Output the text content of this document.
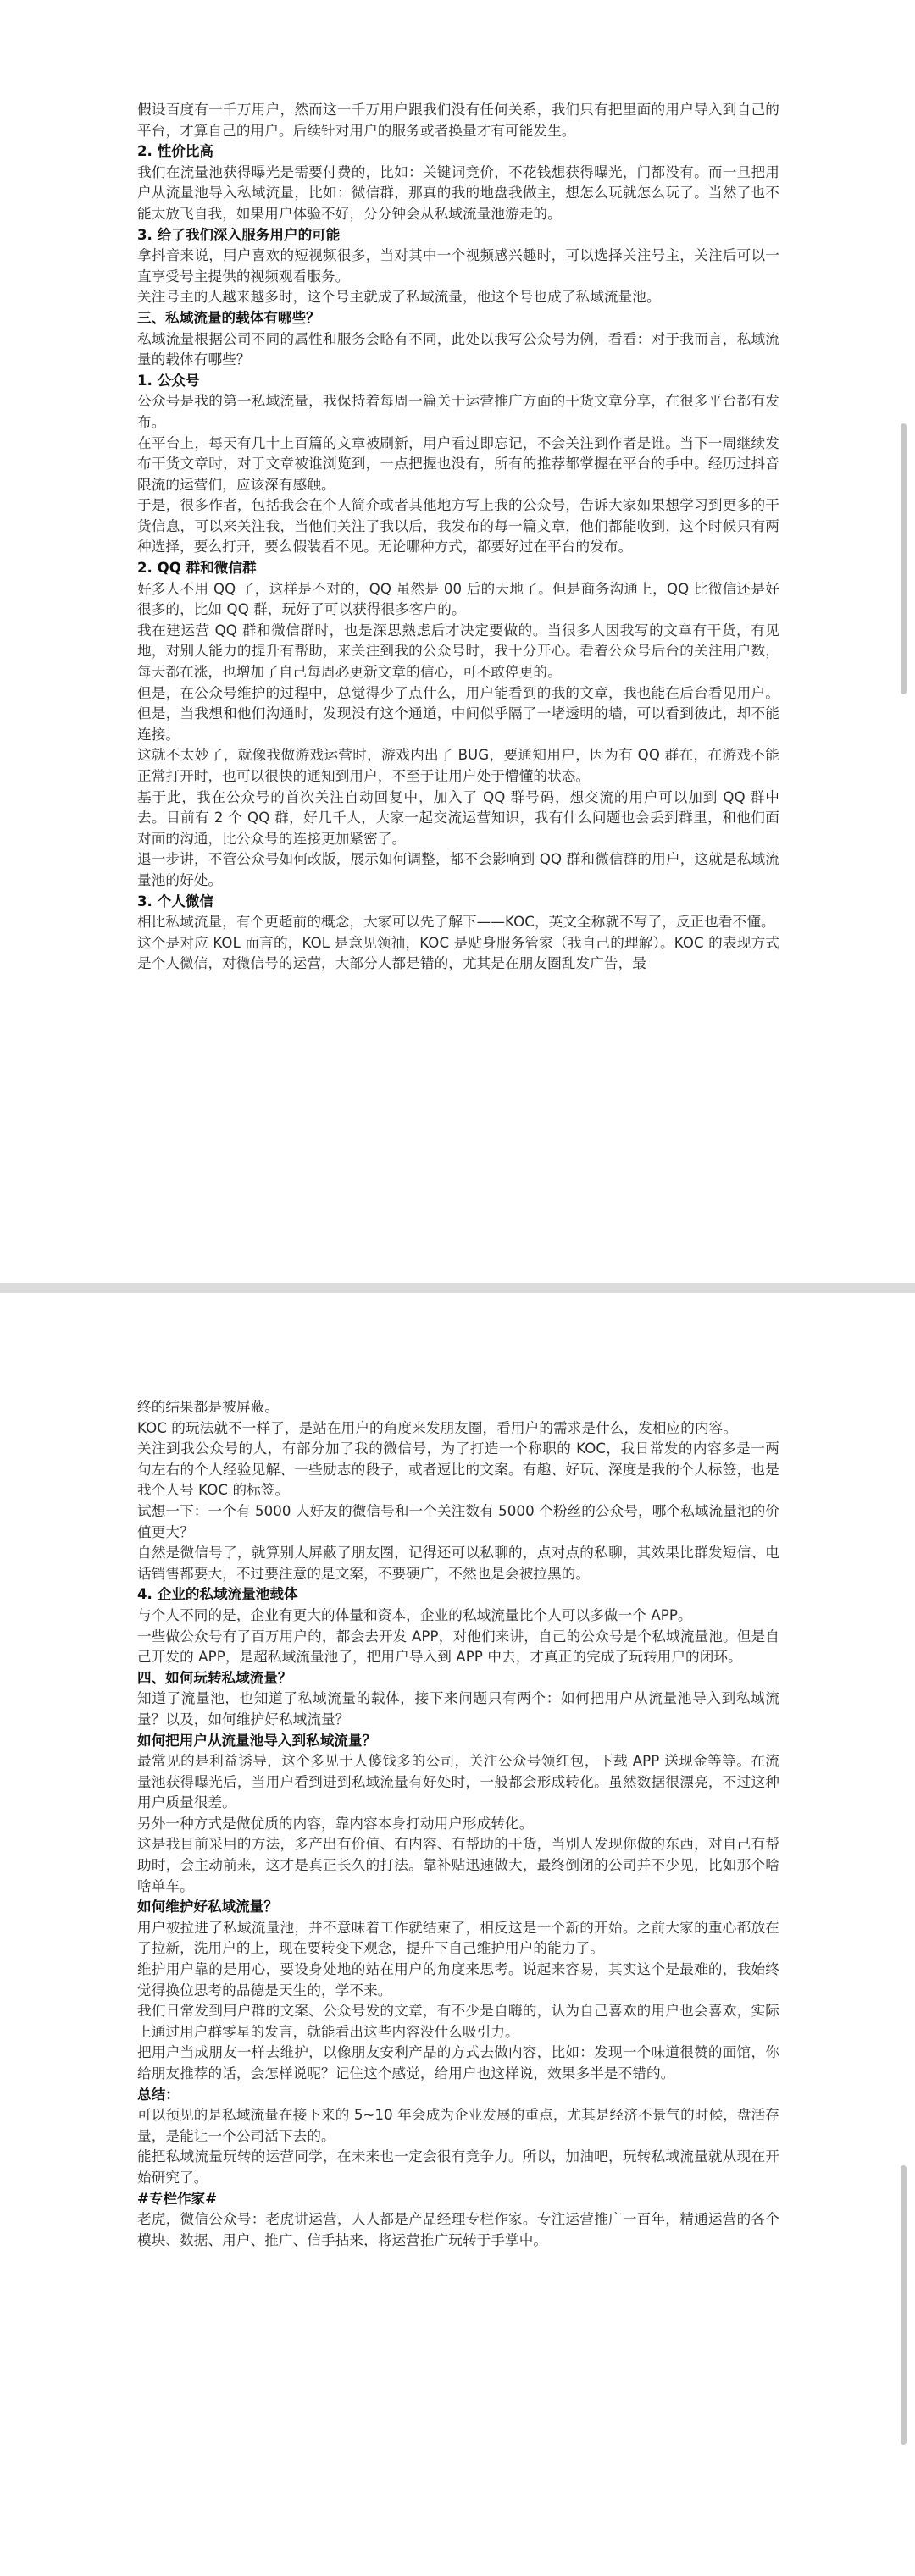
假设百度有一千万用户，然而这一千万用户跟我们没有任何关系，我们只有把里面的用户导入到自己的平台，才算自己的用户。后续针对用户的服务或者换量才有可能发生。

2. 性价比高

我们在流量池获得曝光是需要付费的，比如：关键词竞价，不花钱想获得曝光，门都没有。而一旦把用户从流量池导入私域流量，比如：微信群，那真的我的地盘我做主，想怎么玩就怎么玩了。当然了也不能太放飞自我，如果用户体验不好，分分钟会从私域流量池游走的。

3. 给了我们深入服务用户的可能

拿抖音来说，用户喜欢的短视频很多，当对其中一个视频感兴趣时，可以选择关注号主，关注后可以一直享受号主提供的视频观看服务。

关注号主的人越来越多时，这个号主就成了私域流量，他这个号也成了私域流量池。

三、私域流量的载体有哪些？

私域流量根据公司不同的属性和服务会略有不同，此处以我写公众号为例，看看：对于我而言，私域流量的载体有哪些？

1. 公众号

公众号是我的第一私域流量，我保持着每周一篇关于运营推广方面的干货文章分享，在很多平台都有发布。

在平台上，每天有几十上百篇的文章被刷新，用户看过即忘记，不会关注到作者是谁。当下一周继续发布干货文章时，对于文章被谁浏览到，一点把握也没有，所有的推荐都掌握在平台的手中。经历过抖音限流的运营们，应该深有感触。

于是，很多作者，包括我会在个人简介或者其他地方写上我的公众号，告诉大家如果想学习到更多的干货信息，可以来关注我，当他们关注了我以后，我发布的每一篇文章，他们都能收到，这个时候只有两种选择，要么打开，要么假装看不见。无论哪种方式，都要好过在平台的发布。

2. QQ 群和微信群

好多人不用 QQ 了，这样是不对的，QQ 虽然是 00 后的天地了。但是商务沟通上，QQ 比微信还是好很多的，比如 QQ 群，玩好了可以获得很多客户的。

我在建运营 QQ 群和微信群时，也是深思熟虑后才决定要做的。当很多人因我写的文章有干货，有见地，对别人能力的提升有帮助，来关注到我的公众号时，我十分开心。看着公众号后台的关注用户数，每天都在涨，也增加了自己每周必更新文章的信心，可不敢停更的。

但是，在公众号维护的过程中，总觉得少了点什么，用户能看到的我的文章，我也能在后台看见用户。但是，当我想和他们沟通时，发现没有这个通道，中间似乎隔了一堵透明的墙，可以看到彼此，却不能连接。

这就不太妙了，就像我做游戏运营时，游戏内出了 BUG，要通知用户，因为有 QQ 群在，在游戏不能正常打开时，也可以很快的通知到用户，不至于让用户处于懵懂的状态。

基于此，我在公众号的首次关注自动回复中，加入了 QQ 群号码，想交流的用户可以加到 QQ 群中去。目前有 2 个 QQ 群，好几千人，大家一起交流运营知识，我有什么问题也会丢到群里，和他们面对面的沟通，比公众号的连接更加紧密了。

退一步讲，不管公众号如何改版，展示如何调整，都不会影响到 QQ 群和微信群的用户，这就是私域流量池的好处。

3. 个人微信

相比私域流量，有个更超前的概念，大家可以先了解下——KOC，英文全称就不写了，反正也看不懂。

这个是对应 KOL 而言的，KOL 是意见领袖，KOC 是贴身服务管家（我自己的理解）。KOC 的表现方式是个人微信，对微信号的运营，大部分人都是错的，尤其是在朋友圈乱发广告，最

终的结果都是被屏蔽。

KOC 的玩法就不一样了，是站在用户的角度来发朋友圈，看用户的需求是什么，发相应的内容。

关注到我公众号的人，有部分加了我的微信号，为了打造一个称职的 KOC，我日常发的内容多是一两句左右的个人经验见解、一些励志的段子，或者逗比的文案。有趣、好玩、深度是我的个人标签，也是我个人号 KOC 的标签。

试想一下：一个有 5000 人好友的微信号和一个关注数有 5000 个粉丝的公众号，哪个私域流量池的价值更大？

自然是微信号了，就算别人屏蔽了朋友圈，记得还可以私聊的，点对点的私聊，其效果比群发短信、电话销售都要大，不过要注意的是文案，不要硬广，不然也是会被拉黑的。

4. 企业的私域流量池载体

与个人不同的是，企业有更大的体量和资本，企业的私域流量比个人可以多做一个 APP。

一些做公众号有了百万用户的，都会去开发 APP，对他们来讲，自己的公众号是个私域流量池。但是自己开发的 APP，是超私域流量池了，把用户导入到 APP 中去，才真正的完成了玩转用户的闭环。

四、如何玩转私域流量？

知道了流量池，也知道了私域流量的载体，接下来问题只有两个：如何把用户从流量池导入到私域流量？以及，如何维护好私域流量？

如何把用户从流量池导入到私域流量？

最常见的是利益诱导，这个多见于人傻钱多的公司，关注公众号领红包，下载 APP 送现金等等。在流量池获得曝光后，当用户看到进到私域流量有好处时，一般都会形成转化。虽然数据很漂亮，不过这种用户质量很差。

另外一种方式是做优质的内容，靠内容本身打动用户形成转化。

这是我目前采用的方法，多产出有价值、有内容、有帮助的干货，当别人发现你做的东西，对自己有帮助时，会主动前来，这才是真正长久的打法。靠补贴迅速做大，最终倒闭的公司并不少见，比如那个啥啥单车。

如何维护好私域流量？

用户被拉进了私域流量池，并不意味着工作就结束了，相反这是一个新的开始。之前大家的重心都放在了拉新，洗用户的上，现在要转变下观念，提升下自己维护用户的能力了。

维护用户靠的是用心，要设身处地的站在用户的角度来思考。说起来容易，其实这个是最难的，我始终觉得换位思考的品德是天生的，学不来。

我们日常发到用户群的文案、公众号发的文章，有不少是自嗨的，认为自己喜欢的用户也会喜欢，实际上通过用户群零星的发言，就能看出这些内容没什么吸引力。

把用户当成朋友一样去维护，以像朋友安利产品的方式去做内容，比如：发现一个味道很赞的面馆，你给朋友推荐的话，会怎样说呢？记住这个感觉，给用户也这样说，效果多半是不错的。

总结：

可以预见的是私域流量在接下来的 5~10 年会成为企业发展的重点，尤其是经济不景气的时候，盘活存量，是能让一个公司活下去的。

能把私域流量玩转的运营同学，在未来也一定会很有竞争力。所以，加油吧，玩转私域流量就从现在开始研究了。

#专栏作家#

老虎，微信公众号：老虎讲运营，人人都是产品经理专栏作家。专注运营推广一百年，精通运营的各个模块、数据、用户、推广、信手拈来，将运营推广玩转于手掌中。
